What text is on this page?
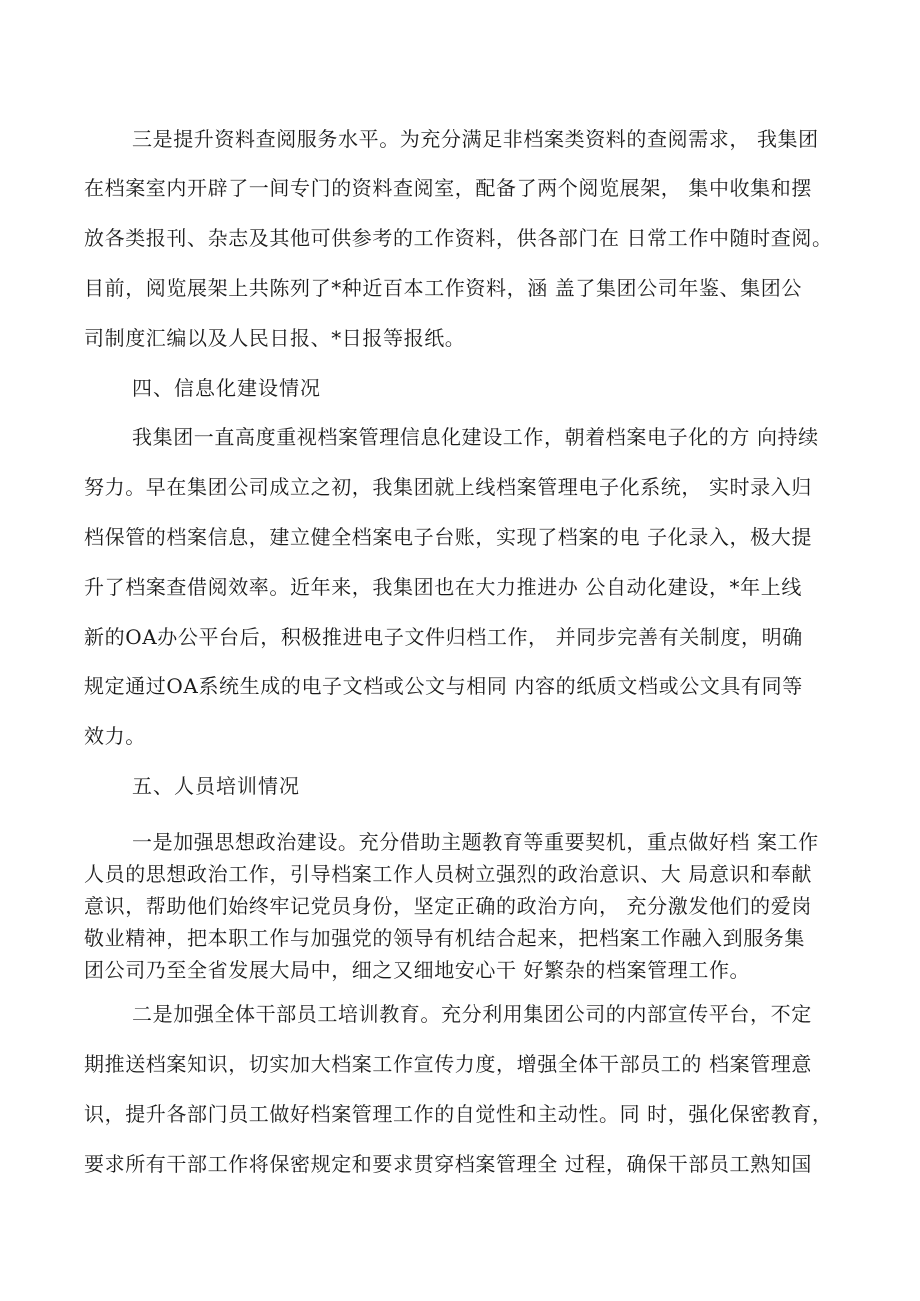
三是提升资料查阅服务水平。为充分满足非档案类资料的查阅需求， 我集团
在档案室内开辟了一间专门的资料查阅室，配备了两个阅览展架， 集中收集和摆
放各类报刊、杂志及其他可供参考的工作资料，供各部门在 日常工作中随时查阅。
目前，阅览展架上共陈列了*种近百本工作资料，涵 盖了集团公司年鉴、集团公
司制度汇编以及人民日报、*日报等报纸。
四、信息化建设情况
我集团一直高度重视档案管理信息化建设工作，朝着档案电子化的方 向持续
努力。早在集团公司成立之初，我集团就上线档案管理电子化系统， 实时录入归
档保管的档案信息，建立健全档案电子台账，实现了档案的电 子化录入，极大提
升了档案查借阅效率。近年来，我集团也在大力推进办 公自动化建设，*年上线
新的OA办公平台后，积极推进电子文件归档工作， 并同步完善有关制度，明确
规定通过OA系统生成的电子文档或公文与相同 内容的纸质文档或公文具有同等
效力。
五、人员培训情况
一是加强思想政治建设。充分借助主题教育等重要契机，重点做好档 案工作
人员的思想政治工作，引导档案工作人员树立强烈的政治意识、大 局意识和奉献
意识，帮助他们始终牢记党员身份，坚定正确的政治方向， 充分激发他们的爱岗
敬业精神，把本职工作与加强党的领导有机结合起来，把档案工作融入到服务集
团公司乃至全省发展大局中，细之又细地安心干 好繁杂的档案管理工作。
二是加强全体干部员工培训教育。充分利用集团公司的内部宣传平台，不定
期推送档案知识，切实加大档案工作宣传力度，增强全体干部员工的 档案管理意
识，提升各部门员工做好档案管理工作的自觉性和主动性。同 时，强化保密教育，
要求所有干部工作将保密规定和要求贯穿档案管理全 过程，确保干部员工熟知国
